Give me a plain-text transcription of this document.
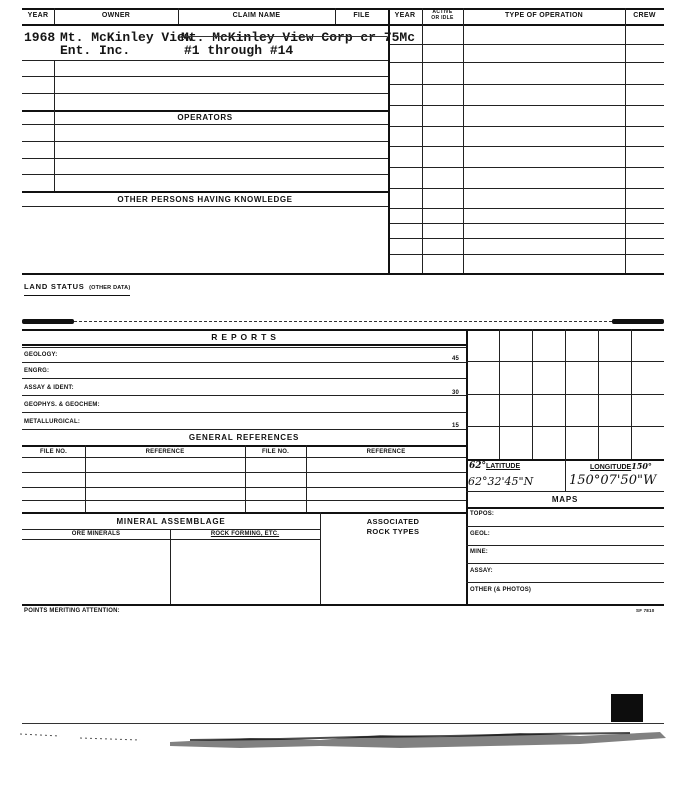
YEAR	OWNER	CLAIM NAME	FILE	YEAR	ACTIVE
OR IDLE	TYPE OF OPERATION	CREW
1968 Mt. McKinley View
Ent. Inc.
Mt. McKinley View Corp cr 75Mc
#1 through #14
OPERATORS
OTHER PERSONS HAVING KNOWLEDGE
LAND STATUS (OTHER DATA)
R E P O R T S
GEOLOGY:
ENGRG:
ASSAY & IDENT:
GEOPHYS. & GEOCHEM:
METALLURGICAL:
45
30
15
GENERAL REFERENCES
FILE NO.	REFERENCE	FILE NO.	REFERENCE
MINERAL ASSEMBLAGE
ORE MINERALS	ROCK FORMING, ETC.
ASSOCIATED
ROCK TYPES
62°LATITUDE	LONGITUDE150°
62°32'45"N	150°07'50"W
MAPS
TOPOS:
GEOL:
MINE:
ASSAY:
OTHER (& PHOTOS)
POINTS MERITING ATTENTION:	SF 7810
